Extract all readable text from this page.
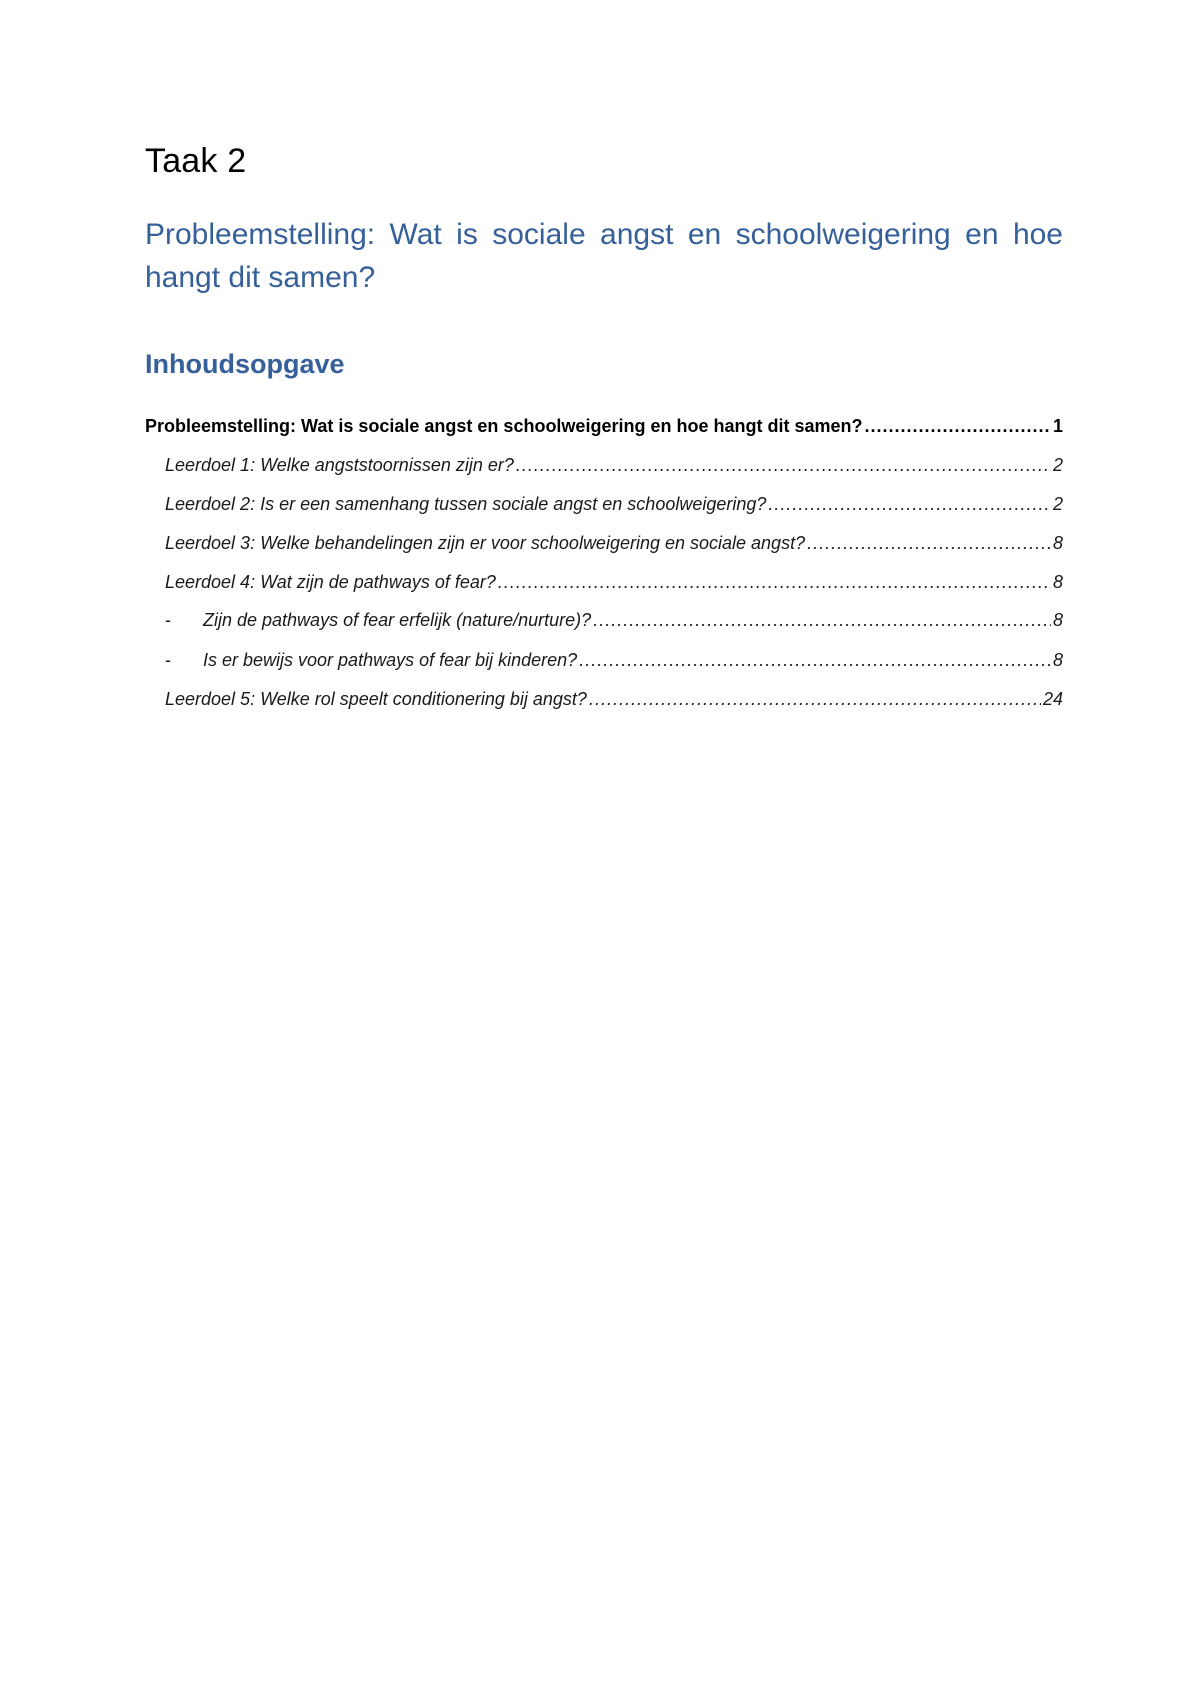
Taak 2
Probleemstelling: Wat is sociale angst en schoolweigering en hoe hangt dit samen?
Inhoudsopgave
Probleemstelling: Wat is sociale angst en schoolweigering en hoe hangt dit samen? .....	1
Leerdoel 1: Welke angststoornissen zijn er? .....	2
Leerdoel 2: Is er een samenhang tussen sociale angst en schoolweigering? .....	2
Leerdoel 3: Welke behandelingen zijn er voor schoolweigering en sociale angst? .....	8
Leerdoel 4: Wat zijn de pathways of fear? .....	8
-	Zijn de pathways of fear erfelijk (nature/nurture)? .....	8
-	Is er bewijs voor pathways of fear bij kinderen? .....	8
Leerdoel 5: Welke rol speelt conditionering bij angst? .....	24
